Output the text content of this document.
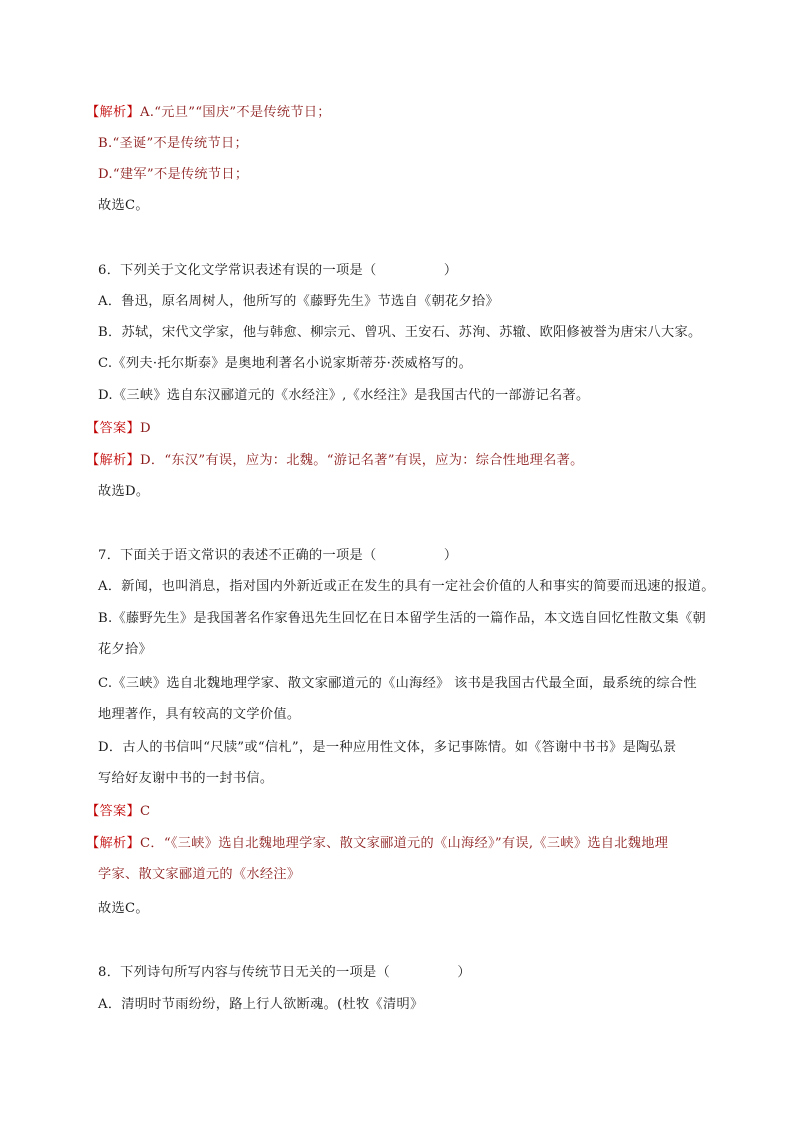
【解析】A.“元旦”“国庆”不是传统节日；
B.“圣诞”不是传统节日；
D.“建军”不是传统节日；
故选C。
6．下列关于文化文学常识表述有误的一项是（　　　　　）
A．鲁迅，原名周树人，他所写的《藤野先生》节选自《朝花夕拾》
B．苏轼，宋代文学家，他与韩愈、柳宗元、曾巩、王安石、苏洵、苏辙、欧阳修被誉为唐宋八大家。
C.《列夫·托尔斯泰》是奥地利著名小说家斯蒂芬·茨威格写的。
D.《三峡》选自东汉郦道元的《水经注》,《水经注》是我国古代的一部游记名著。
【答案】D
【解析】D．“东汉”有误，应为：北魏。“游记名著”有误，应为：综合性地理名著。
故选D。
7．下面关于语文常识的表述不正确的一项是（　　　　　）
A．新闻，也叫消息，指对国内外新近或正在发生的具有一定社会价值的人和事实的简要而迅速的报道。
B.《藤野先生》是我国著名作家鲁迅先生回忆在日本留学生活的一篇作品，本文选自回忆性散文集《朝
花夕拾》
C.《三峡》选自北魏地理学家、散文家郦道元的《山海经》 该书是我国古代最全面，最系统的综合性
地理著作，具有较高的文学价值。
D．古人的书信叫“尺牍”或“信札”，是一种应用性文体，多记事陈情。如《答谢中书书》是陶弘景
写给好友谢中书的一封书信。
【答案】C
【解析】C．“《三峡》选自北魏地理学家、散文家郦道元的《山海经》”有误,《三峡》选自北魏地理
学家、散文家郦道元的《水经注》
故选C。
8．下列诗句所写内容与传统节日无关的一项是（　　　　　）
A．清明时节雨纷纷，路上行人欲断魂。(杜牧《清明》
